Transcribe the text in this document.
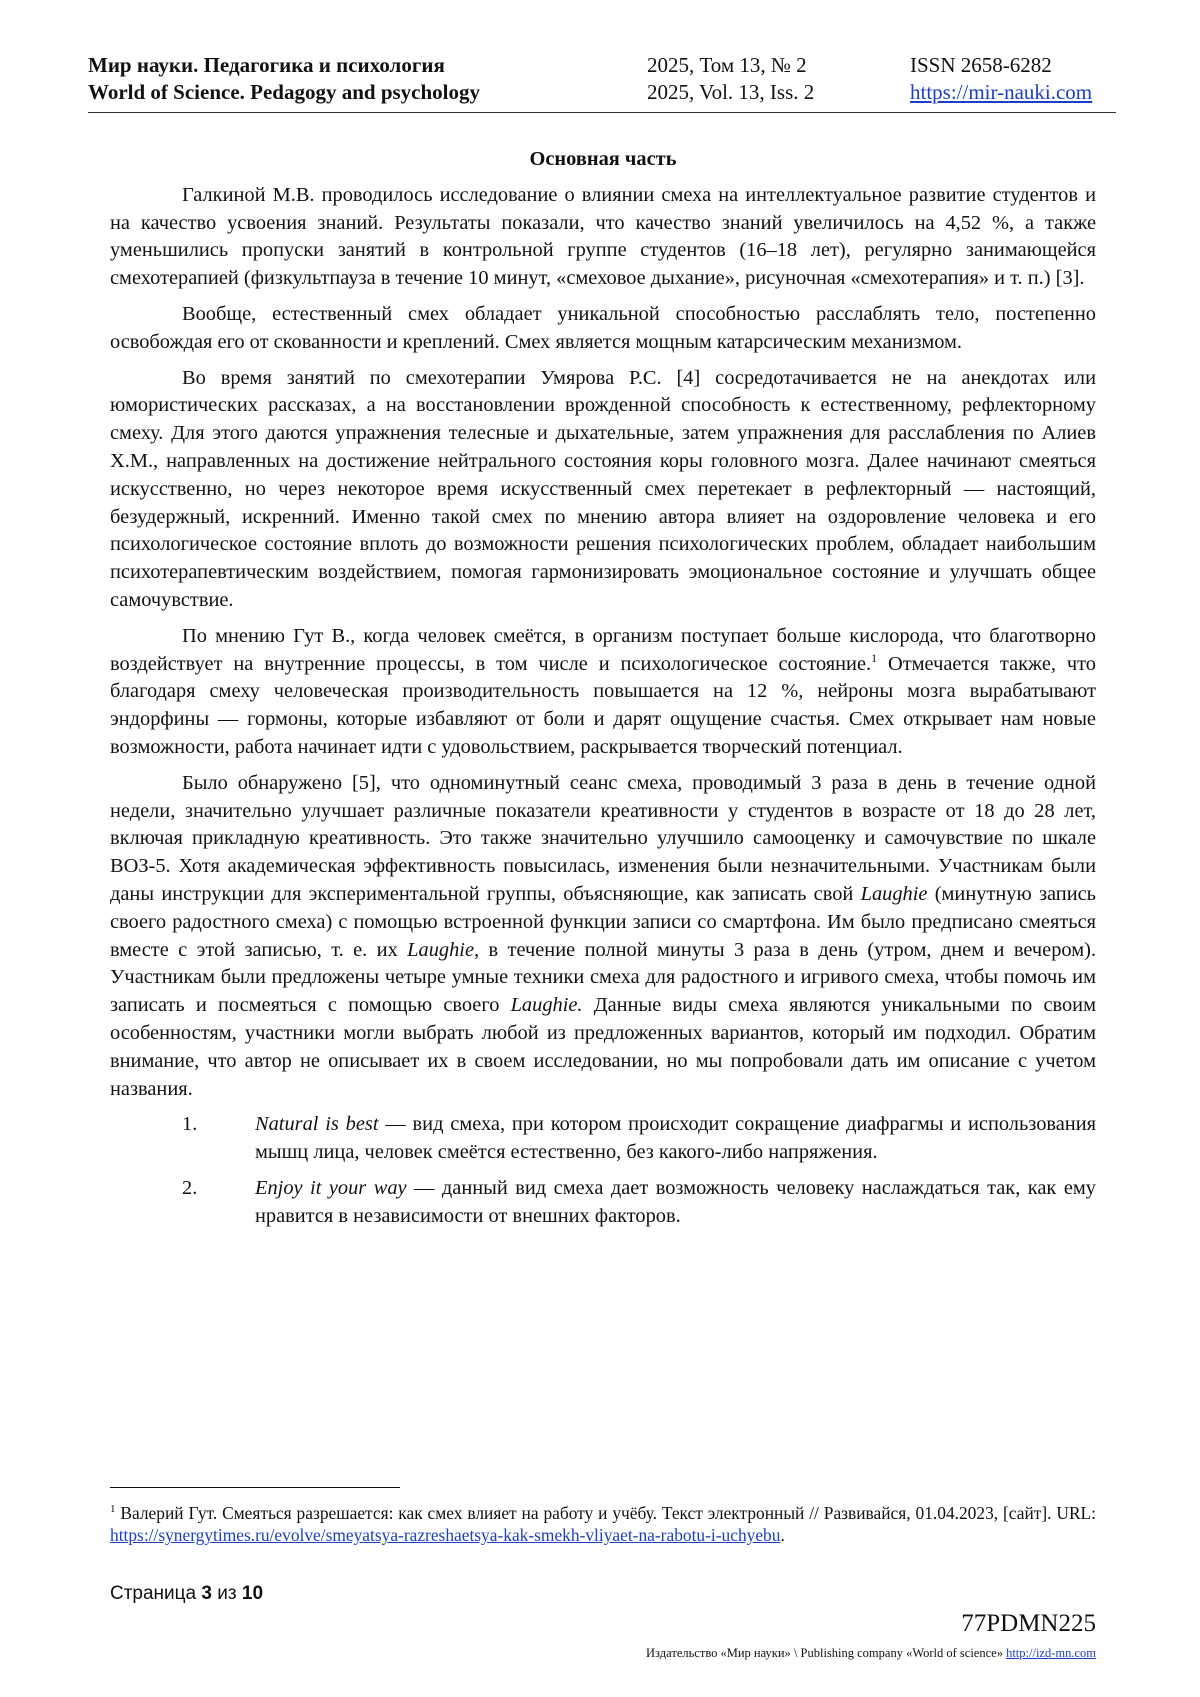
Мир науки. Педагогика и психология
World of Science. Pedagogy and psychology
2025, Том 13, № 2
2025, Vol. 13, Iss. 2
ISSN 2658-6282
https://mir-nauki.com
Основная часть

Галкиной М.В. проводилось исследование о влиянии смеха на интеллектуальное развитие студентов и на качество усвоения знаний. Результаты показали, что качество знаний увеличилось на 4,52 %, а также уменьшились пропуски занятий в контрольной группе студентов (16–18 лет), регулярно занимающейся смехотерапией (физкультпауза в течение 10 минут, «смеховое дыхание», рисуночная «смехотерапия» и т. п.) [3].

Вообще, естественный смех обладает уникальной способностью расслаблять тело, постепенно освобождая его от скованности и креплений. Смех является мощным катарсическим механизмом.

Во время занятий по смехотерапии Умярова Р.С. [4] сосредотачивается не на анекдотах или юмористических рассказах, а на восстановлении врожденной способность к естественному, рефлекторному смеху. Для этого даются упражнения телесные и дыхательные, затем упражнения для расслабления по Алиев Х.М., направленных на достижение нейтрального состояния коры головного мозга. Далее начинают смеяться искусственно, но через некоторое время искусственный смех перетекает в рефлекторный — настоящий, безудержный, искренний. Именно такой смех по мнению автора влияет на оздоровление человека и его психологическое состояние вплоть до возможности решения психологических проблем, обладает наибольшим психотерапевтическим воздействием, помогая гармонизировать эмоциональное состояние и улучшать общее самочувствие.

По мнению Гут В., когда человек смеётся, в организм поступает больше кислорода, что благотворно воздействует на внутренние процессы, в том числе и психологическое состояние.$^1$ Отмечается также, что благодаря смеху человеческая производительность повышается на 12 %, нейроны мозга вырабатывают эндорфины — гормоны, которые избавляют от боли и дарят ощущение счастья. Смех открывает нам новые возможности, работа начинает идти с удовольствием, раскрывается творческий потенциал.

Было обнаружено [5], что одноминутный сеанс смеха, проводимый 3 раза в день в течение одной недели, значительно улучшает различные показатели креативности у студентов в возрасте от 18 до 28 лет, включая прикладную креативность. Это также значительно улучшило самооценку и самочувствие по шкале ВОЗ-5. Хотя академическая эффективность повысилась, изменения были незначительными. Участникам были даны инструкции для экспериментальной группы, объясняющие, как записать свой Laughie (минутную запись своего радостного смеха) с помощью встроенной функции записи со смартфона. Им было предписано смеяться вместе с этой записью, т. е. их Laughie, в течение полной минуты 3 раза в день (утром, днем и вечером). Участникам были предложены четыре умные техники смеха для радостного и игривого смеха, чтобы помочь им записать и посмеяться с помощью своего Laughie. Данные виды смеха являются уникальными по своим особенностям, участники могли выбрать любой из предложенных вариантов, который им подходил. Обратим внимание, что автор не описывает их в своем исследовании, но мы попробовали дать им описание с учетом названия.

1.	Natural is best — вид смеха, при котором происходит сокращение диафрагмы и использования мышц лица, человек смеётся естественно, без какого-либо напряжения.
2.	Enjoy it your way — данный вид смеха дает возможность человеку наслаждаться так, как ему нравится в независимости от внешних факторов.
$^1$ Валерий Гут. Смеяться разрешается: как смех влияет на работу и учёбу. Текст электронный // Развивайся, 01.04.2023, [сайт]. URL: https://synergytimes.ru/evolve/smeyatsya-razreshaetsya-kak-smekh-vliyaet-na-rabotu-i-uchyebu.
Страница 3 из 10
77PDMN225
Издательство «Мир науки» \ Publishing company «World of science» http://izd-mn.com
